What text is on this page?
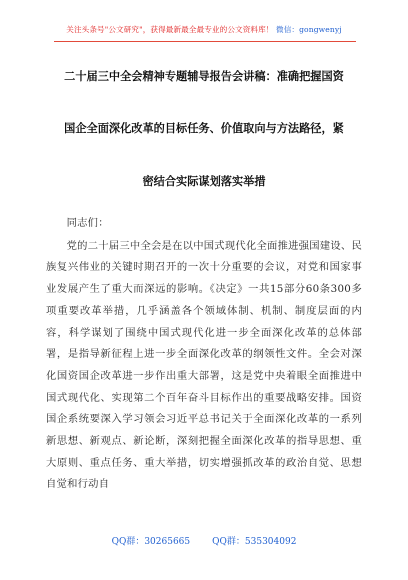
关注头条号"公文研究"，获得最新最全最专业的公文资料库！ 微信：gongwenyj
二十届三中全会精神专题辅导报告会讲稿：准确把握国资
国企全面深化改革的目标任务、价值取向与方法路径，紧
密结合实际谋划落实举措

同志们：

党的二十届三中全会是在以中国式现代化全面推进强国建设、民族复兴伟业的关键时期召开的一次十分重要的会议，对党和国家事业发展产生了重大而深远的影响。《决定》一共15部分60条300多项重要改革举措，几乎涵盖各个领域体制、机制、制度层面的内容，科学谋划了围绕中国式现代化进一步全面深化改革的总体部署，是指导新征程上进一步全面深化改革的纲领性文件。全会对深化国资国企改革进一步作出重大部署，这是党中央着眼全面推进中国式现代化、实现第二个百年奋斗目标作出的重要战略安排。国资国企系统要深入学习领会习近平总书记关于全面深化改革的一系列新思想、新观点、新论断，深刻把握全面深化改革的指导思想、重大原则、重点任务、重大举措，切实增强抓改革的政治自觉、思想自觉和行动自

QQ群：30265665 QQ群：535304092
